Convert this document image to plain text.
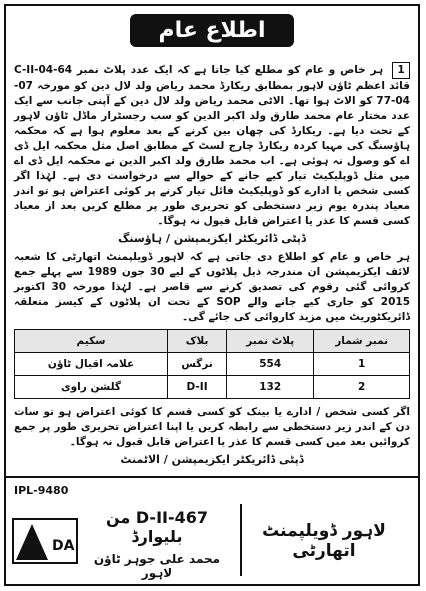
اطلاع عام

1 ہر خاص و عام کو مطلع کیا جاتا ہے کہ ایک عدد پلاٹ نمبر C-II-04-64 قائد اعظم ٹاؤن لاہور بمطابق ریکارڈ محمد ریاض ولد لال دین کو مورخہ 07-04-77 کو الاٹ ہوا تھا۔ الاٹی محمد ریاض ولد لال دین کے آپنی جانب سے ایک عدد مختار عام محمد طارق ولد اکبر الدین کو سب رجسٹرار ماڈل ٹاؤن لاہور کے تحت دیا ہے۔ ریکارڈ کی چھان بین کرنے کے بعد معلوم ہوا ہے کہ محکمہ ہاؤسنگ کی مہیا کردہ ریکارڈ چارج لسٹ کے مطابق اصل مثل محکمہ ایل ڈی اے کو وصول نہ ہوئی ہے۔ اب محمد طارق ولد اکبر الدین نے محکمہ ایل ڈی اے میں مثل ڈوپلیکیٹ تیار کیے جانے کے حوالے سے درخواست دی ہے۔ لہٰذا اگر کسی شخص یا ادارے کو ڈوپلیکیٹ فائل تیار کرنے پر کوئی اعتراض ہو تو اندر معیاد پندرہ یوم زیر دستخطی کو تحریری طور پر مطلع کریں بعد از معیاد کسی قسم کا عذر یا اعتراض قابل قبول نہ ہوگا۔

ڈپٹی ڈائریکٹر ایکزیمپشن / ہاؤسنگ

ہر خاص و عام کو اطلاع دی جاتی ہے کہ لاہور ڈویلپمنٹ اتھارٹی کا شعبہ لائف ایکزیمپشن ان مندرجہ ذیل پلاٹوں کے لیے 30 جون 1989 سے پہلے جمع کروائی گئی رقوم کی تصدیق کرنے سے قاصر ہے۔ لہٰذا مورخہ 30 اکتوبر 2015 کو جاری کیے جانے والے SOP کے تحت ان پلاٹوں کے کیسز متعلقہ ڈائریکٹوریٹ میں مزید کاروائی کی جائے گی۔

نمبر شمار	پلاٹ نمبر	بلاک	سکیم
1	554	نرگس	علامہ اقبال ٹاؤن
2	132	D-II	گلشن راوی

اگر کسی شخص / ادارے یا بینک کو کسی قسم کا کوئی اعتراض ہو تو سات دن کے اندر زیر دستخطی سے رابطہ کریں یا اپنا اعتراض تحریری طور پر جمع کروائیں بعد میں کسی قسم کا عذر یا اعتراض قابل قبول نہ ہوگا۔

ڈپٹی ڈائریکٹر ایکزیمپشن / الاٹمنٹ
IPL-9480
DA
467-D-II من بلیوارڈ
محمد علی جوہر ٹاؤن لاہور
لاہور ڈویلپمنٹ اتھارٹی
